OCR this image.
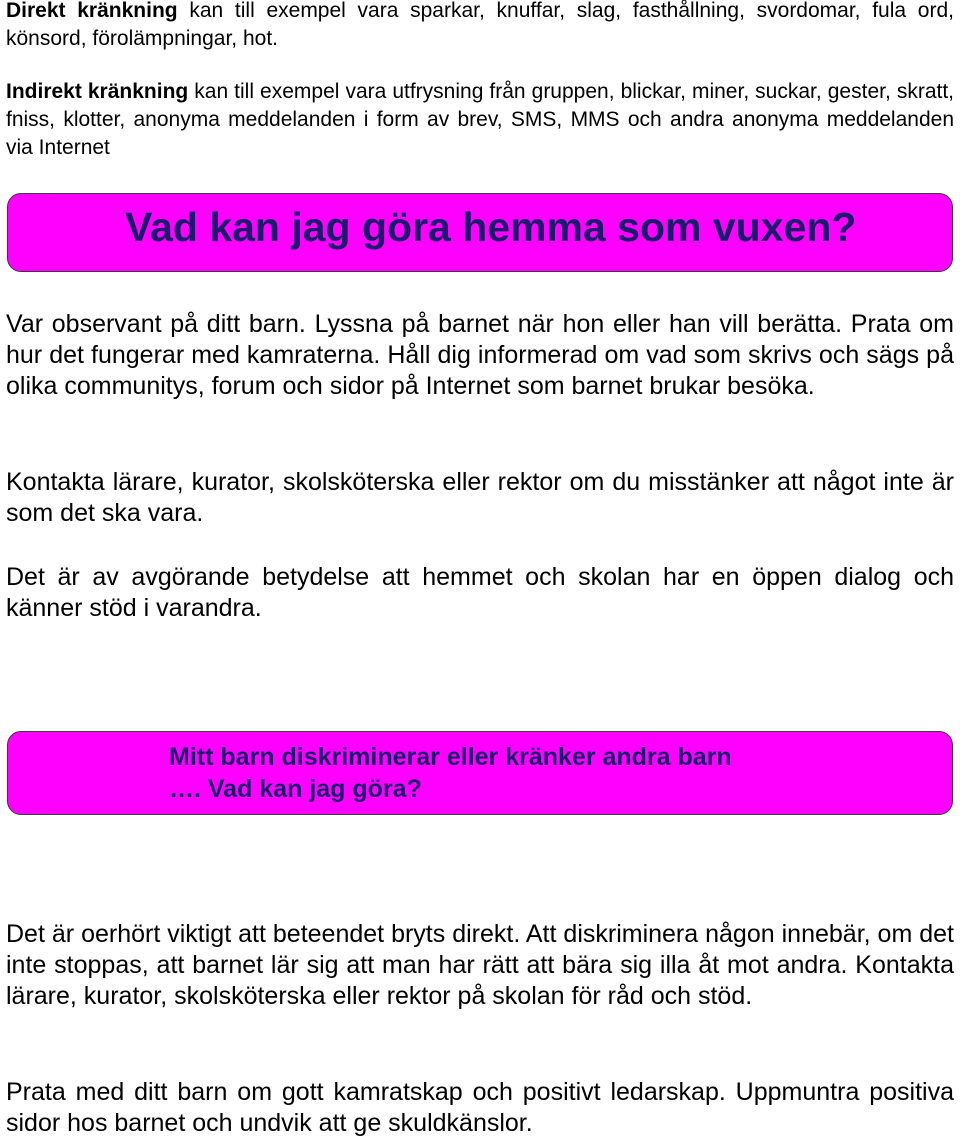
Direkt kränkning kan till exempel vara sparkar, knuffar, slag, fasthållning, svordomar, fula ord, könsord, förolämpningar, hot.

Indirekt kränkning kan till exempel vara utfrysning från gruppen, blickar, miner, suckar, gester, skratt, fniss, klotter, anonyma meddelanden i form av brev, SMS, MMS och andra anonyma meddelanden via Internet

Vad kan jag göra hemma som vuxen?

Var observant på ditt barn. Lyssna på barnet när hon eller han vill berätta. Prata om hur det fungerar med kamraterna. Håll dig informerad om vad som skrivs och sägs på olika communitys, forum och sidor på Internet som barnet brukar besöka.

Kontakta lärare, kurator, skolsköterska eller rektor om du misstänker att något inte är som det ska vara.

Det är av avgörande betydelse att hemmet och skolan har en öppen dialog och känner stöd i varandra.

Mitt barn diskriminerar eller kränker andra barn
…. Vad kan jag göra?

Det är oerhört viktigt att beteendet bryts direkt. Att diskriminera någon innebär, om det inte stoppas, att barnet lär sig att man har rätt att bära sig illa åt mot andra. Kontakta lärare, kurator, skolsköterska eller rektor på skolan för råd och stöd.

Prata med ditt barn om gott kamratskap och positivt ledarskap. Uppmuntra positiva sidor hos barnet och undvik att ge skuldkänslor.
